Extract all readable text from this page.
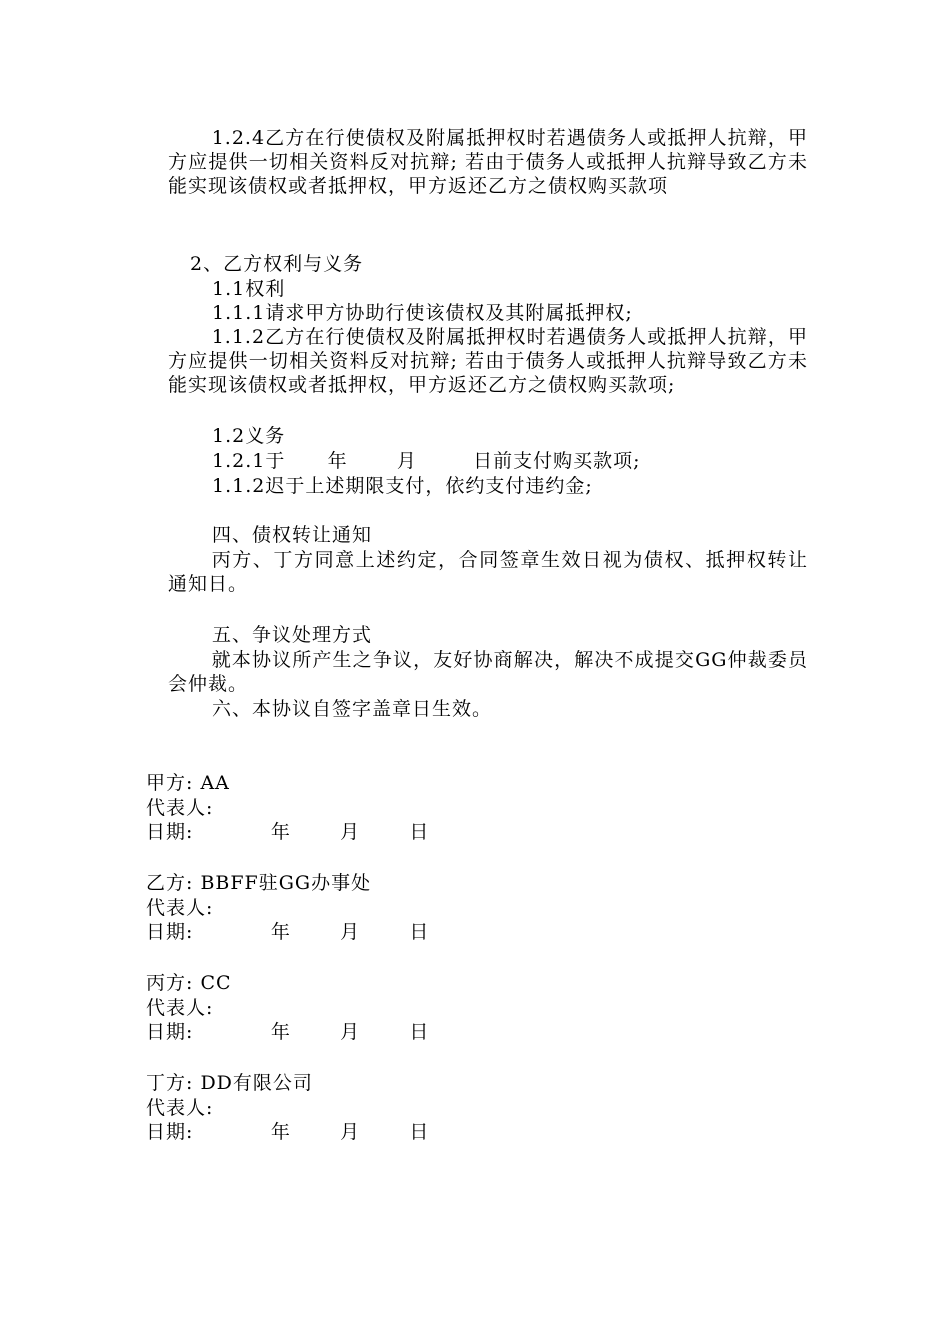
1.2.4乙方在行使债权及附属抵押权时若遇债务人或抵押人抗辩，甲方应提供一切相关资料反对抗辩; 若由于债务人或抵押人抗辩导致乙方未能实现该债权或者抵押权，甲方返还乙方之债权购买款项
2、乙方权利与义务
1.1权利
1.1.1请求甲方协助行使该债权及其附属抵押权;
1.1.2乙方在行使债权及附属抵押权时若遇债务人或抵押人抗辩，甲方应提供一切相关资料反对抗辩; 若由于债务人或抵押人抗辩导致乙方未能实现该债权或者抵押权，甲方返还乙方之债权购买款项;
1.2义务
1.2.1于      年       月        日前支付购买款项;
1.1.2迟于上述期限支付，依约支付违约金;
四、债权转让通知
丙方、丁方同意上述约定，合同签章生效日视为债权、抵押权转让通知日。
五、争议处理方式
就本协议所产生之争议，友好协商解决，解决不成提交GG仲裁委员会仲裁。
六、本协议自签字盖章日生效。
甲方: AA
代表人:
日期:           年       月       日
乙方: BBFF驻GG办事处
代表人:
日期:           年       月       日
丙方: CC
代表人:
日期:           年       月       日
丁方: DD有限公司
代表人:
日期:           年       月       日
